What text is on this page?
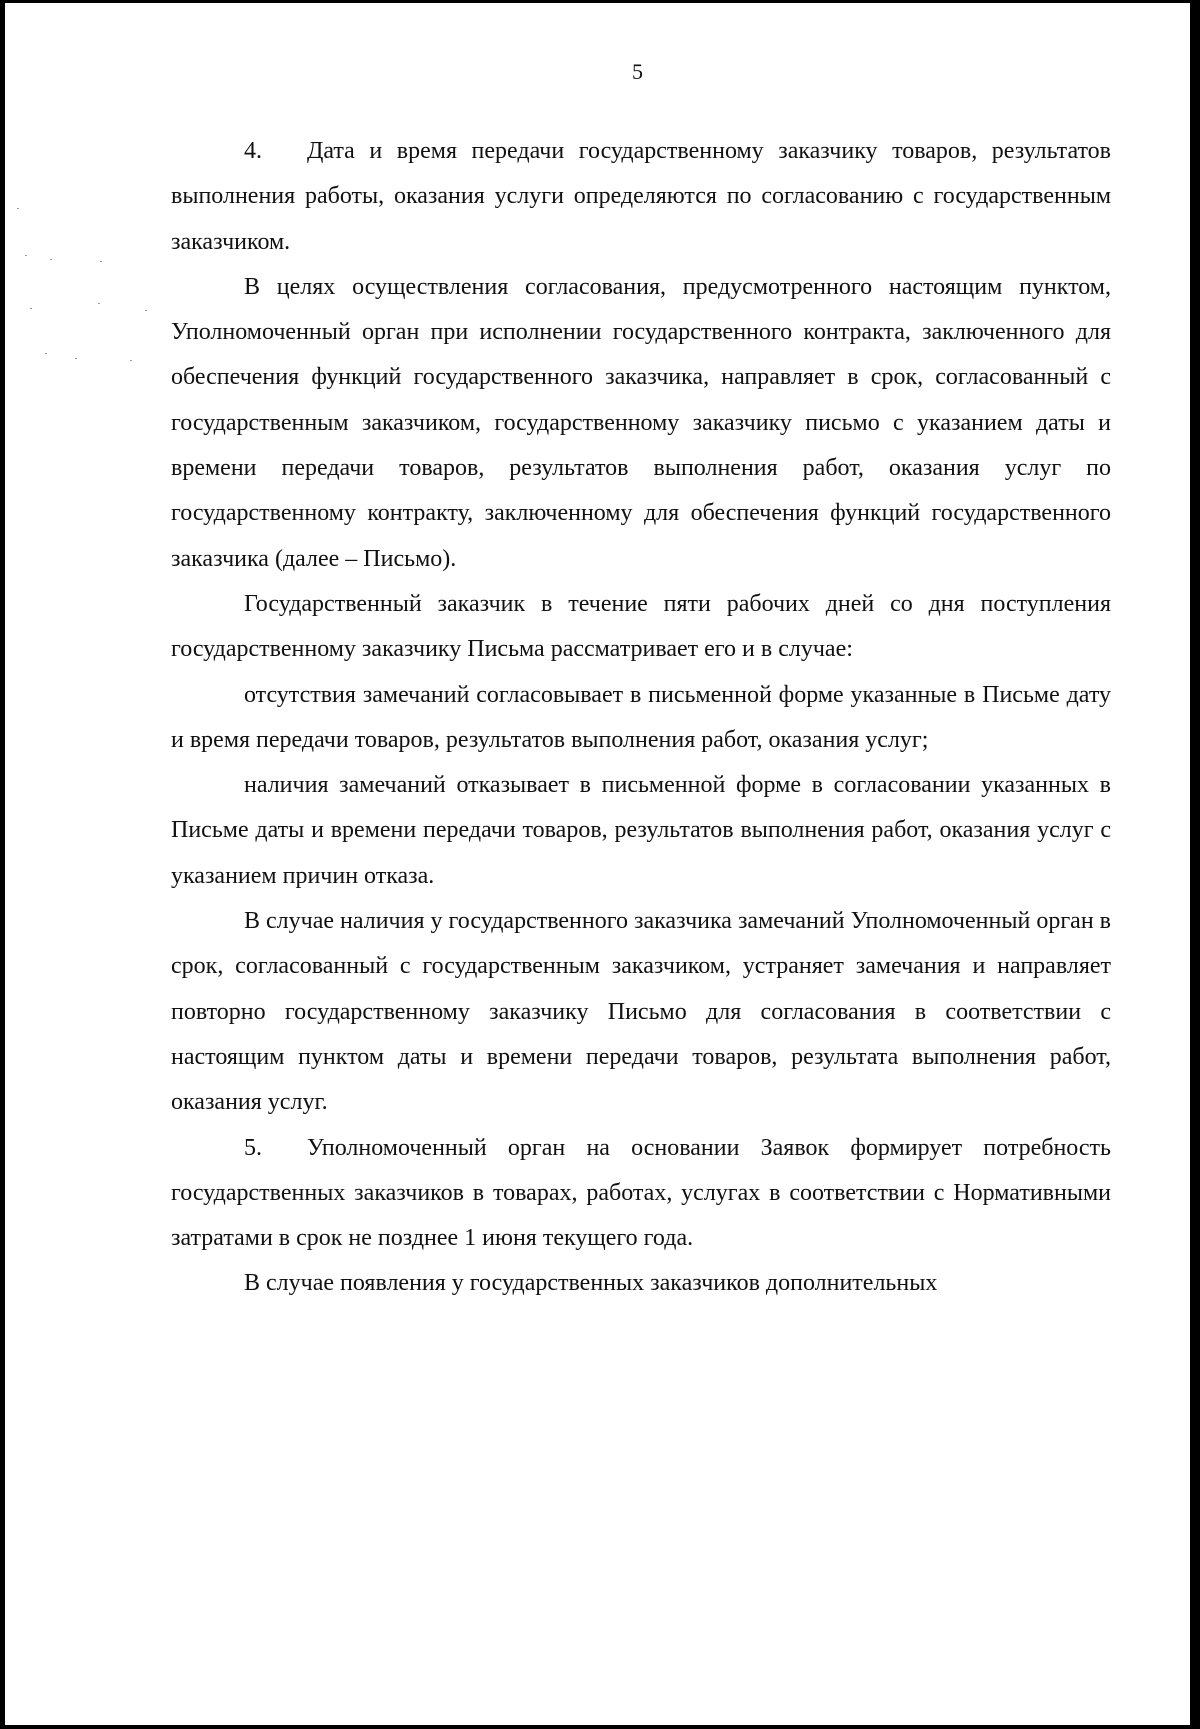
5

4. Дата и время передачи государственному заказчику товаров, результатов выполнения работы, оказания услуги определяются по согласованию с государственным заказчиком.

В целях осуществления согласования, предусмотренного настоящим пунктом, Уполномоченный орган при исполнении государственного контракта, заключенного для обеспечения функций государственного заказчика, направляет в срок, согласованный с государственным заказчиком, государственному заказчику письмо с указанием даты и времени передачи товаров, результатов выполнения работ, оказания услуг по государственному контракту, заключенному для обеспечения функций государственного заказчика (далее – Письмо).

Государственный заказчик в течение пяти рабочих дней со дня поступления государственному заказчику Письма рассматривает его и в случае:

отсутствия замечаний согласовывает в письменной форме указанные в Письме дату и время передачи товаров, результатов выполнения работ, оказания услуг;

наличия замечаний отказывает в письменной форме в согласовании указанных в Письме даты и времени передачи товаров, результатов выполнения работ, оказания услуг с указанием причин отказа.

В случае наличия у государственного заказчика замечаний Уполномоченный орган в срок, согласованный с государственным заказчиком, устраняет замечания и направляет повторно государственному заказчику Письмо для согласования в соответствии с настоящим пунктом даты и времени передачи товаров, результата выполнения работ, оказания услуг.

5. Уполномоченный орган на основании Заявок формирует потребность государственных заказчиков в товарах, работах, услугах в соответствии с Нормативными затратами в срок не позднее 1 июня текущего года.

В случае появления у государственных заказчиков дополнительных
